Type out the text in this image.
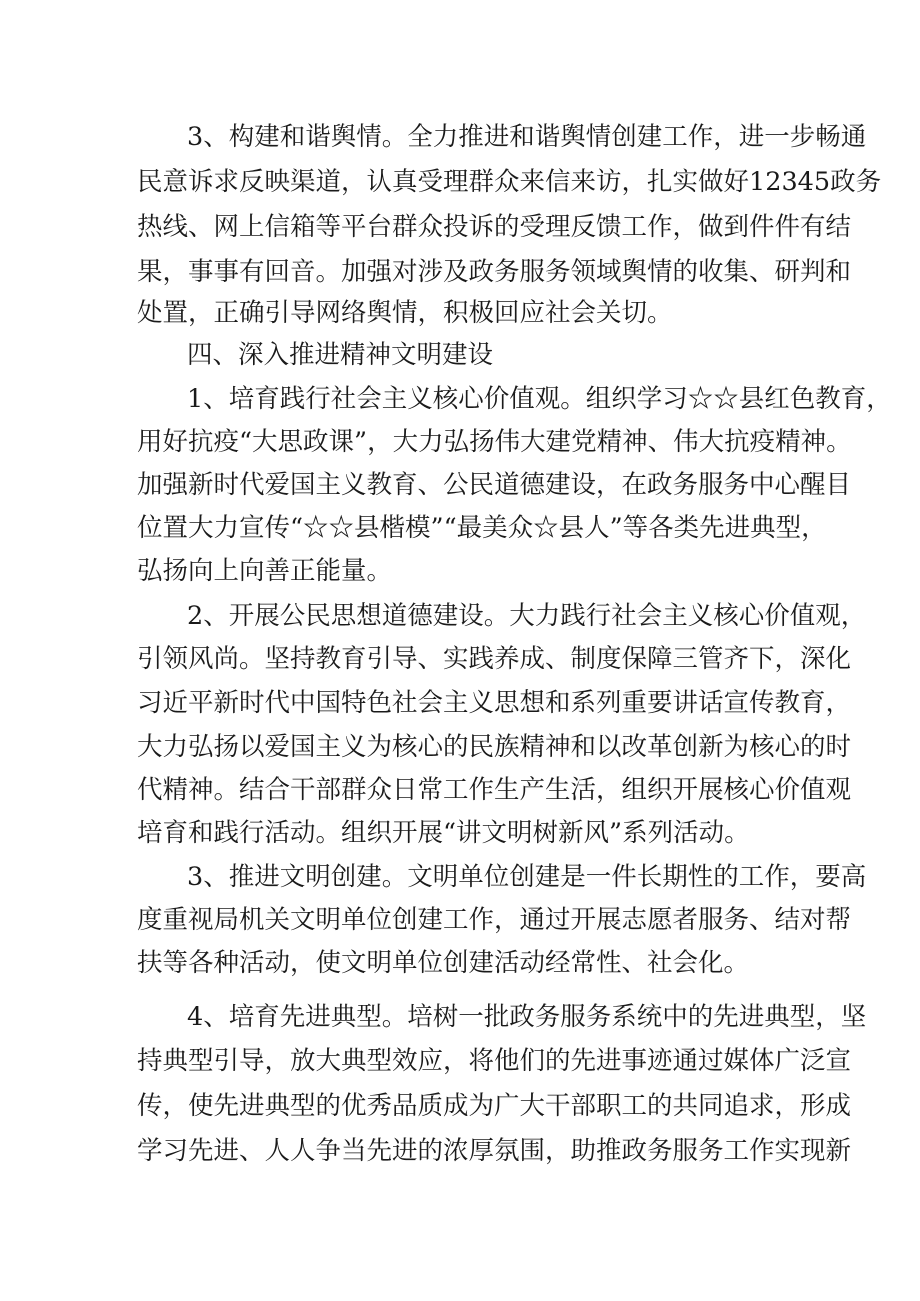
3、构建和谐舆情。全力推进和谐舆情创建工作，进一步畅通
民意诉求反映渠道，认真受理群众来信来访，扎实做好12345政务
热线、网上信箱等平台群众投诉的受理反馈工作，做到件件有结
果，事事有回音。加强对涉及政务服务领域舆情的收集、研判和
处置，正确引导网络舆情，积极回应社会关切。
四、深入推进精神文明建设
1、培育践行社会主义核心价值观。组织学习☆☆县红色教育，
用好抗疫“大思政课”，大力弘扬伟大建党精神、伟大抗疫精神。
加强新时代爱国主义教育、公民道德建设，在政务服务中心醒目
位置大力宣传“☆☆县楷模”“最美众☆县人”等各类先进典型，
弘扬向上向善正能量。
2、开展公民思想道德建设。大力践行社会主义核心价值观，
引领风尚。坚持教育引导、实践养成、制度保障三管齐下，深化
习近平新时代中国特色社会主义思想和系列重要讲话宣传教育，
大力弘扬以爱国主义为核心的民族精神和以改革创新为核心的时
代精神。结合干部群众日常工作生产生活，组织开展核心价值观
培育和践行活动。组织开展“讲文明树新风”系列活动。
3、推进文明创建。文明单位创建是一件长期性的工作，要高
度重视局机关文明单位创建工作，通过开展志愿者服务、结对帮
扶等各种活动，使文明单位创建活动经常性、社会化。
4、培育先进典型。培树一批政务服务系统中的先进典型，坚
持典型引导，放大典型效应，将他们的先进事迹通过媒体广泛宣
传，使先进典型的优秀品质成为广大干部职工的共同追求，形成
学习先进、人人争当先进的浓厚氛围，助推政务服务工作实现新
